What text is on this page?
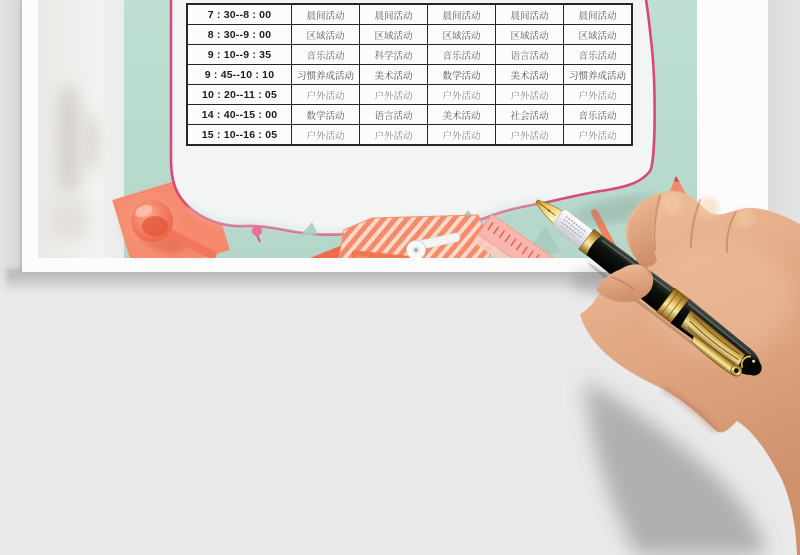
7 : 30--8 : 00	晨间活动	晨间活动	晨间活动	晨间活动	晨间活动
8 : 30--9 : 00	区域活动	区域活动	区域活动	区域活动	区域活动
9 : 10--9 : 35	音乐活动	科学活动	音乐活动	语言活动	音乐活动
9 : 45--10 : 10	习惯养成活动	美术活动	数学活动	美术活动	习惯养成活动
10 : 20--11 : 05	户外活动	户外活动	户外活动	户外活动	户外活动
14 : 40--15 : 00	数学活动	语言活动	美术活动	社会活动	音乐活动
15 : 10--16 : 05	户外活动	户外活动	户外活动	户外活动	户外活动
